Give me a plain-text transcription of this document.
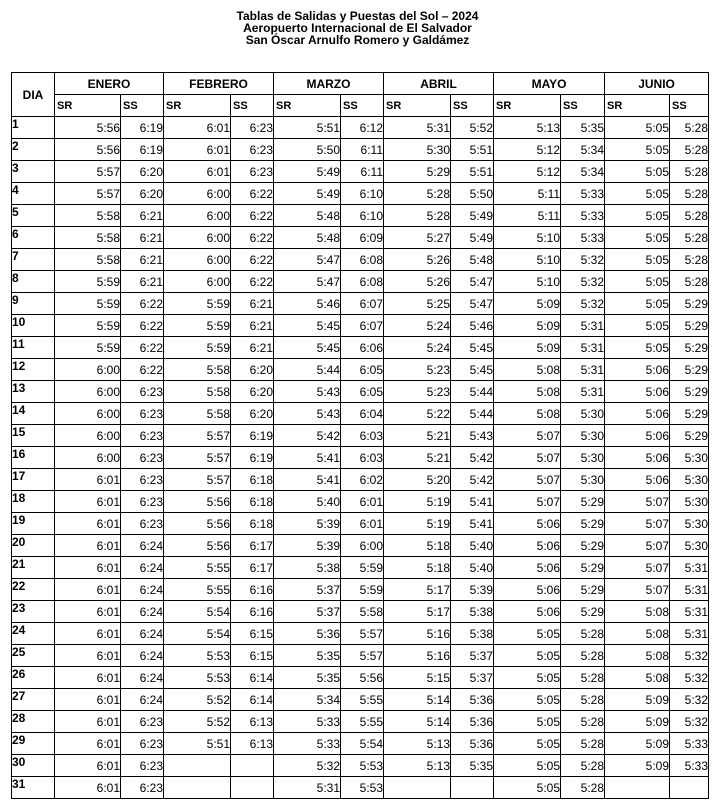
Tablas de Salidas y Puestas del Sol – 2024
Aeropuerto Internacional de El Salvador
San Óscar Arnulfo Romero y Galdámez
DIA	ENERO		FEBRERO		MARZO		ABRIL		MAYO		JUNIO	
	SR	SS	SR	SS	SR	SS	SR	SS	SR	SS	SR	SS
1	5:56	6:19	6:01	6:23	5:51	6:12	5:31	5:52	5:13	5:35	5:05	5:28
2	5:56	6:19	6:01	6:23	5:50	6:11	5:30	5:51	5:12	5:34	5:05	5:28
3	5:57	6:20	6:01	6:23	5:49	6:11	5:29	5:51	5:12	5:34	5:05	5:28
4	5:57	6:20	6:00	6:22	5:49	6:10	5:28	5:50	5:11	5:33	5:05	5:28
5	5:58	6:21	6:00	6:22	5:48	6:10	5:28	5:49	5:11	5:33	5:05	5:28
6	5:58	6:21	6:00	6:22	5:48	6:09	5:27	5:49	5:10	5:33	5:05	5:28
7	5:58	6:21	6:00	6:22	5:47	6:08	5:26	5:48	5:10	5:32	5:05	5:28
8	5:59	6:21	6:00	6:22	5:47	6:08	5:26	5:47	5:10	5:32	5:05	5:28
9	5:59	6:22	5:59	6:21	5:46	6:07	5:25	5:47	5:09	5:32	5:05	5:29
10	5:59	6:22	5:59	6:21	5:45	6:07	5:24	5:46	5:09	5:31	5:05	5:29
11	5:59	6:22	5:59	6:21	5:45	6:06	5:24	5:45	5:09	5:31	5:05	5:29
12	6:00	6:22	5:58	6:20	5:44	6:05	5:23	5:45	5:08	5:31	5:06	5:29
13	6:00	6:23	5:58	6:20	5:43	6:05	5:23	5:44	5:08	5:31	5:06	5:29
14	6:00	6:23	5:58	6:20	5:43	6:04	5:22	5:44	5:08	5:30	5:06	5:29
15	6:00	6:23	5:57	6:19	5:42	6:03	5:21	5:43	5:07	5:30	5:06	5:29
16	6:00	6:23	5:57	6:19	5:41	6:03	5:21	5:42	5:07	5:30	5:06	5:30
17	6:01	6:23	5:57	6:18	5:41	6:02	5:20	5:42	5:07	5:30	5:06	5:30
18	6:01	6:23	5:56	6:18	5:40	6:01	5:19	5:41	5:07	5:29	5:07	5:30
19	6:01	6:23	5:56	6:18	5:39	6:01	5:19	5:41	5:06	5:29	5:07	5:30
20	6:01	6:24	5:56	6:17	5:39	6:00	5:18	5:40	5:06	5:29	5:07	5:30
21	6:01	6:24	5:55	6:17	5:38	5:59	5:18	5:40	5:06	5:29	5:07	5:31
22	6:01	6:24	5:55	6:16	5:37	5:59	5:17	5:39	5:06	5:29	5:07	5:31
23	6:01	6:24	5:54	6:16	5:37	5:58	5:17	5:38	5:06	5:29	5:08	5:31
24	6:01	6:24	5:54	6:15	5:36	5:57	5:16	5:38	5:05	5:28	5:08	5:31
25	6:01	6:24	5:53	6:15	5:35	5:57	5:16	5:37	5:05	5:28	5:08	5:32
26	6:01	6:24	5:53	6:14	5:35	5:56	5:15	5:37	5:05	5:28	5:08	5:32
27	6:01	6:24	5:52	6:14	5:34	5:55	5:14	5:36	5:05	5:28	5:09	5:32
28	6:01	6:23	5:52	6:13	5:33	5:55	5:14	5:36	5:05	5:28	5:09	5:32
29	6:01	6:23	5:51	6:13	5:33	5:54	5:13	5:36	5:05	5:28	5:09	5:33
30	6:01	6:23			5:32	5:53	5:13	5:35	5:05	5:28	5:09	5:33
31	6:01	6:23			5:31	5:53			5:05	5:28		
